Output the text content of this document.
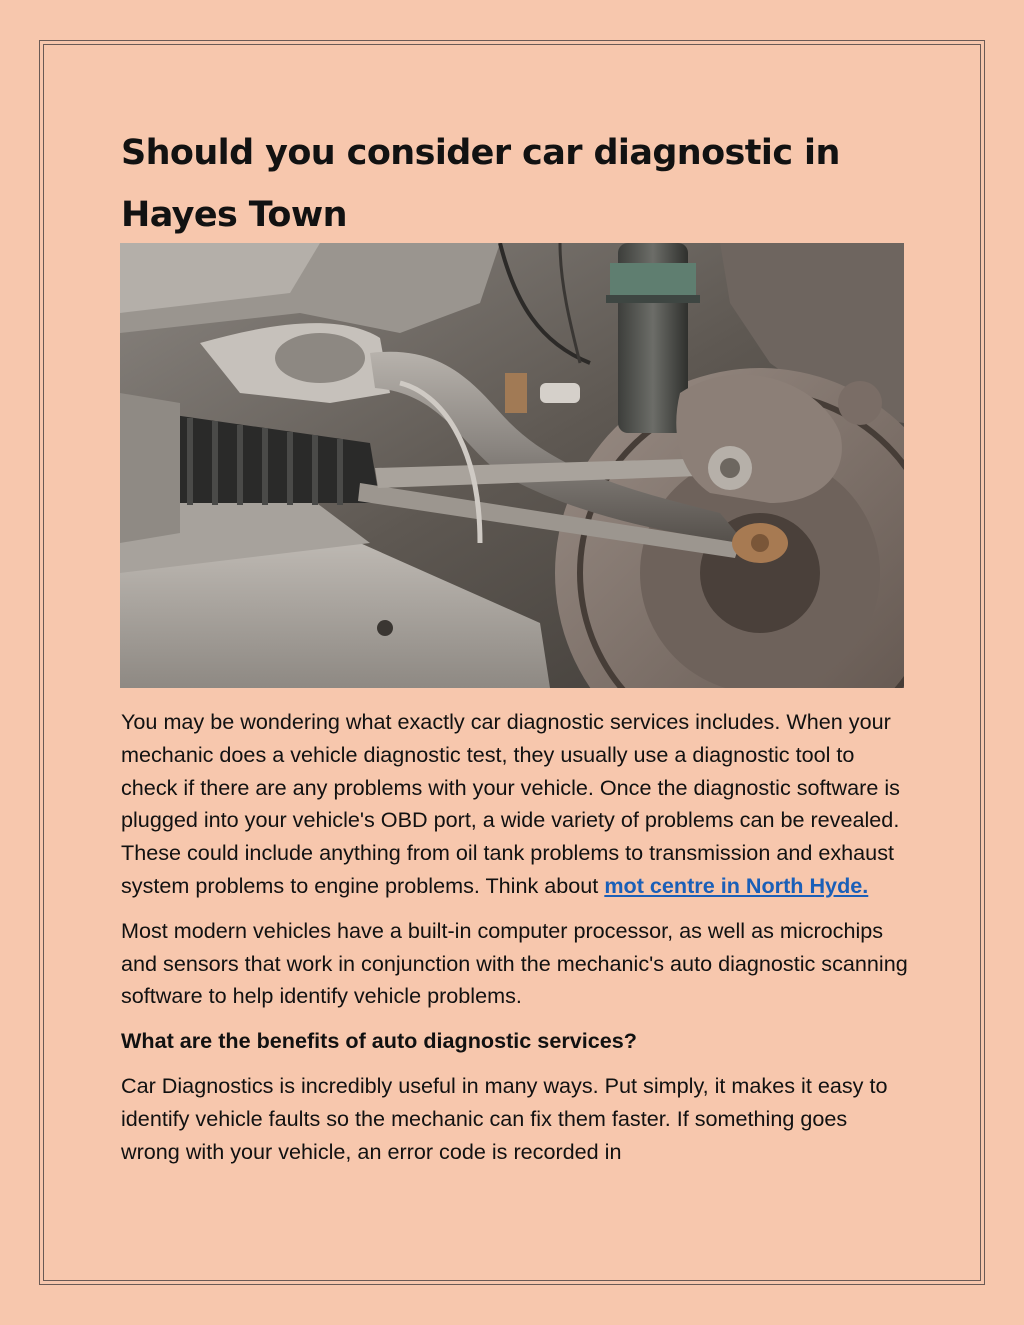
Should you consider car diagnostic in Hayes Town

You may be wondering what exactly car diagnostic services includes. When your mechanic does a vehicle diagnostic test, they usually use a diagnostic tool to check if there are any problems with your vehicle. Once the diagnostic software is plugged into your vehicle's OBD port, a wide variety of problems can be revealed. These could include anything from oil tank problems to transmission and exhaust system problems to engine problems. Think about mot centre in North Hyde.

Most modern vehicles have a built-in computer processor, as well as microchips and sensors that work in conjunction with the mechanic's auto diagnostic scanning software to help identify vehicle problems.

What are the benefits of auto diagnostic services?

Car Diagnostics is incredibly useful in many ways. Put simply, it makes it easy to identify vehicle faults so the mechanic can fix them faster. If something goes wrong with your vehicle, an error code is recorded in
